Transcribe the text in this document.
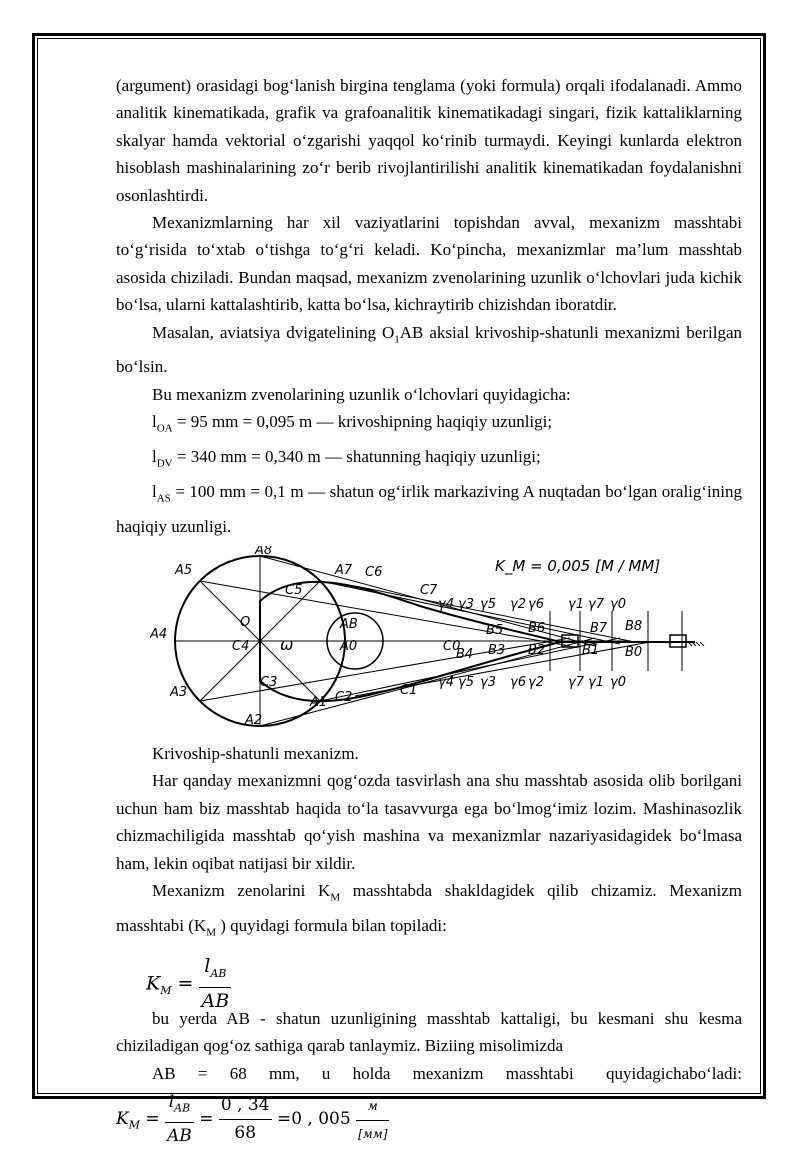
(argument) orasidagi bog‘lanish birgina tenglama (yoki formula) orqali ifodalanadi. Ammo analitik kinematikada, grafik va grafoanalitik kinematikadagi singari, fizik kattaliklarning skalyar hamda vektorial o‘zgarishi yaqqol ko‘rinib turmaydi. Keyingi kunlarda elektron hisoblash mashinalarining zo‘r berib rivojlantirilishi analitik kinematikadan foydalanishni osonlashtirdi.

Mexanizmlarning har xil vaziyatlarini topishdan avval, mexanizm masshtabi to‘g‘risida to‘xtab o‘tishga to‘g‘ri keladi. Ko‘pincha, mexanizmlar ma’lum masshtab asosida chiziladi. Bundan maqsad, mexanizm zvenolarining uzunlik o‘lchovlari juda kichik bo‘lsa, ularni kattalashtirib, katta bo‘lsa, kichraytirib chizishdan iboratdir.

Masalan, aviatsiya dvigatelining $O_1AB$ aksial krivoship-shatunli mexanizmi berilgan bo‘lsin.

Bu mexanizm zvenolarining uzunlik o‘lchovlari quyidagicha:

$l_{OA} = 95$ mm = 0,095 m — krivoshipning haqiqiy uzunligi;

$l_{DV} = 340$ mm = 0,340 m — shatunning haqiqiy uzunligi;

$l_{AS} = 100$ mm = 0,1 m — shatun og‘irlik markaziving A nuqtadan bo‘lgan oralig‘ining haqiqiy uzunligi.

K_M = 0,005 [M / MM]
A8
A7
A5	C6
C5	C7
A4
C4
O
ω
AB
A0	C0
A3
C3
A1 C2	C1
A2
B4
B5
B3
B6
B2
B7
B1
B8
B0
γ4 γ3 γ5 γ2 γ6 γ1 γ7 γ0
γ4 γ5 γ3 γ6 γ2 γ7 γ1 γ0

Krivoship-shatunli mexanizm.

Har qanday mexanizmni qog‘ozda tasvirlash ana shu masshtab asosida olib borilgani uchun ham biz masshtab haqida to‘la tasavvurga ega bo‘lmog‘imiz lozim. Mashinasozlik chizmachiligida masshtab qo‘yish mashina va mexanizmlar nazariyasidagidek bo‘lmasa ham, lekin oqibat natijasi bir xildir.

Mexanizm zenolarini $K_M$ masshtabda shakldagidek qilib chizamiz. Mexanizm masshtabi ($K_M$ ) quyidagi formula bilan topiladi:

$K_M = \frac{l_{AB}}{AB}$

bu yerda AB - shatun uzunligining masshtab kattaligi, bu kesmani shu kesma chiziladigan qog‘oz sathiga qarab tanlaymiz. Biziing misolimizda

AB = 68 mm, u holda mexanizm masshtabi quyidagichabo‘ladi:
$K_M = \frac{l_{AB}}{AB} = \frac{0 , 34}{68} =0$ , $005 \frac{м}{[мм]}$
